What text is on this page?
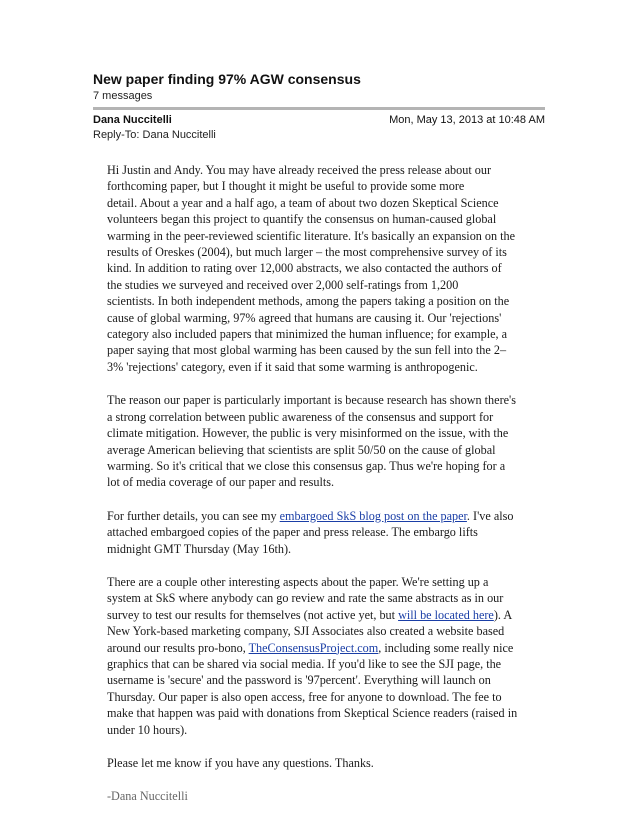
New paper finding 97% AGW consensus
7 messages
Dana Nuccitelli	Mon, May 13, 2013 at 10:48 AM
Reply-To: Dana Nuccitelli

Hi Justin and Andy. You may have already received the press release about our
forthcoming paper, but I thought it might be useful to provide some more
detail. About a year and a half ago, a team of about two dozen Skeptical Science
volunteers began this project to quantify the consensus on human-caused global
warming in the peer-reviewed scientific literature. It's basically an expansion on the
results of Oreskes (2004), but much larger – the most comprehensive survey of its
kind. In addition to rating over 12,000 abstracts, we also contacted the authors of
the studies we surveyed and received over 2,000 self-ratings from 1,200
scientists. In both independent methods, among the papers taking a position on the
cause of global warming, 97% agreed that humans are causing it. Our 'rejections'
category also included papers that minimized the human influence; for example, a
paper saying that most global warming has been caused by the sun fell into the 2–
3% 'rejections' category, even if it said that some warming is anthropogenic.

The reason our paper is particularly important is because research has shown there's
a strong correlation between public awareness of the consensus and support for
climate mitigation. However, the public is very misinformed on the issue, with the
average American believing that scientists are split 50/50 on the cause of global
warming. So it's critical that we close this consensus gap. Thus we're hoping for a
lot of media coverage of our paper and results.

For further details, you can see my embargoed SkS blog post on the paper. I've also
attached embargoed copies of the paper and press release. The embargo lifts
midnight GMT Thursday (May 16th).

There are a couple other interesting aspects about the paper. We're setting up a
system at SkS where anybody can go review and rate the same abstracts as in our
survey to test our results for themselves (not active yet, but will be located here). A
New York-based marketing company, SJI Associates also created a website based
around our results pro-bono, TheConsensusProject.com, including some really nice
graphics that can be shared via social media. If you'd like to see the SJI page, the
username is 'secure' and the password is '97percent'. Everything will launch on
Thursday. Our paper is also open access, free for anyone to download. The fee to
make that happen was paid with donations from Skeptical Science readers (raised in
under 10 hours).

Please let me know if you have any questions. Thanks.

-Dana Nuccitelli
